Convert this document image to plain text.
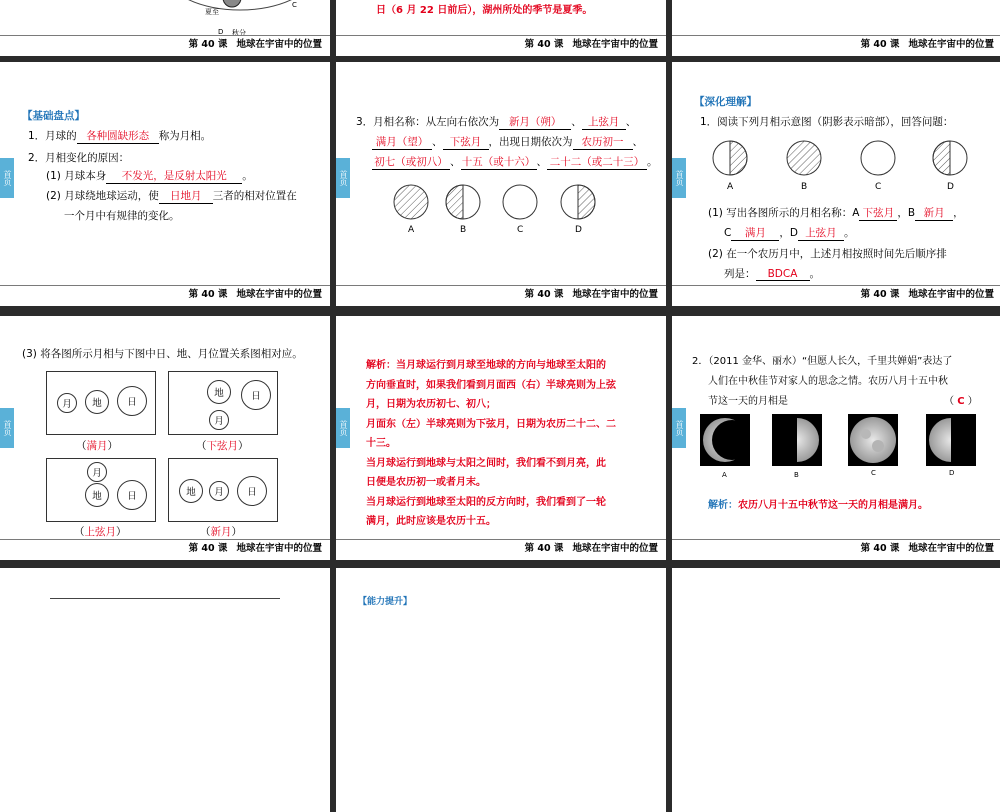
夏至
D 秋分
C
第 40 课 地球在宇宙中的位置
日（6 月 22 日前后），湖州所处的季节是夏季。
第 40 课 地球在宇宙中的位置	第 40 课 地球在宇宙中的位置
首页
【基础盘点】
1．月球的 各种圆缺形态 称为月相。
2．月相变化的原因：
(1) 月球本身 不发光，是反射太阳光 。
(2) 月球绕地球运动，使 日地月 三者的相对位置在
一个月中有规律的变化。
第 40 课 地球在宇宙中的位置
首页
3．月相名称：从左向右依次为 新月（朔） 、 上弦月 、
满月（望） 、 下弦月 ，出现日期依次为 农历初一 、
初七（或初八） 、十五（或十六）、 二十二（或二十三） 。
A	B	C	D
第 40 课 地球在宇宙中的位置
首页
【深化理解】
1．阅读下列月相示意图（阴影表示暗部），回答问题：
A	B	C	D
(1) 写出各图所示的月相名称：A 下弦月 ，B 新月 ，
C 满月 ，D 上弦月 。
(2) 在一个农历月中，上述月相按照时间先后顺序排
列是： BDCA 。
第 40 课 地球在宇宙中的位置
首页
(3) 将各图所示月相与下图中日、地、月位置关系图相对应。
月	地	日
（满月）
地	日
月
（下弦月）
月
地	日
（上弦月）
地	月	日
（新月）
第 40 课 地球在宇宙中的位置
首页
解析：当月球运行到月球至地球的方向与地球至太阳的
方向垂直时，如果我们看到月面西（右）半球亮则为上弦
月，日期为农历初七、初八；
月面东（左）半球亮则为下弦月，日期为农历二十二、二
十三。
当月球运行到地球与太阳之间时，我们看不到月亮，此
日便是农历初一或者月末。
当月球运行到地球至太阳的反方向时，我们看到了一轮
满月，此时应该是农历十五。
第 40 课 地球在宇宙中的位置
首页
2．（2011 金华、丽水）“但愿人长久，千里共婵娟”表达了
人们在中秋佳节对家人的思念之情。农历八月十五中秋
节这一天的月相是	（ C ）
A	B	C	D
解析：农历八月十五中秋节这一天的月相是满月。
第 40 课 地球在宇宙中的位置
【能力提升】
